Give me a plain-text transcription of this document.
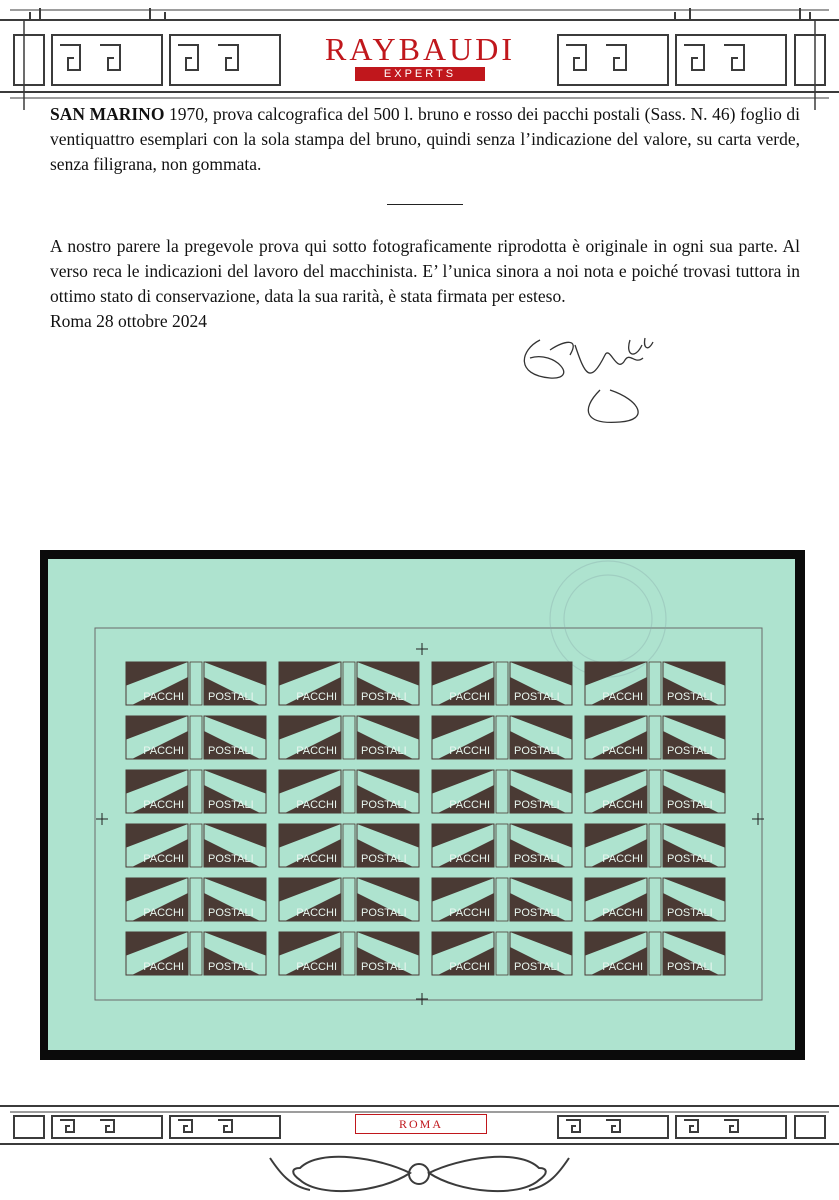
RAYBAUDI
EXPERTS

SAN MARINO 1970, prova calcografica del 500 l. bruno e rosso dei pacchi postali (Sass. N. 46) foglio di ventiquattro esemplari con la sola stampa del bruno, quindi senza l’indicazione del valore, su carta verde, senza filigrana, non gommata.

A nostro parere la pregevole prova qui sotto fotograficamente riprodotta è originale in ogni sua parte. Al verso reca le indicazioni del lavoro del macchinista. E’ l’unica sinora a noi nota e poiché trovasi tuttora in ottimo stato di conservazione, data la sua rarità, è stata firmata per esteso.

Roma 28 ottobre 2024

PACCHI POSTALI	PACCHI POSTALI	PACCHI POSTALI	PACCHI POSTALI
PACCHI POSTALI	PACCHI POSTALI	PACCHI POSTALI	PACCHI POSTALI
PACCHI POSTALI	PACCHI POSTALI	PACCHI POSTALI	PACCHI POSTALI
PACCHI POSTALI	PACCHI POSTALI	PACCHI POSTALI	PACCHI POSTALI
PACCHI POSTALI	PACCHI POSTALI	PACCHI POSTALI	PACCHI POSTALI
PACCHI POSTALI	PACCHI POSTALI	PACCHI POSTALI	PACCHI POSTALI
ROMA
